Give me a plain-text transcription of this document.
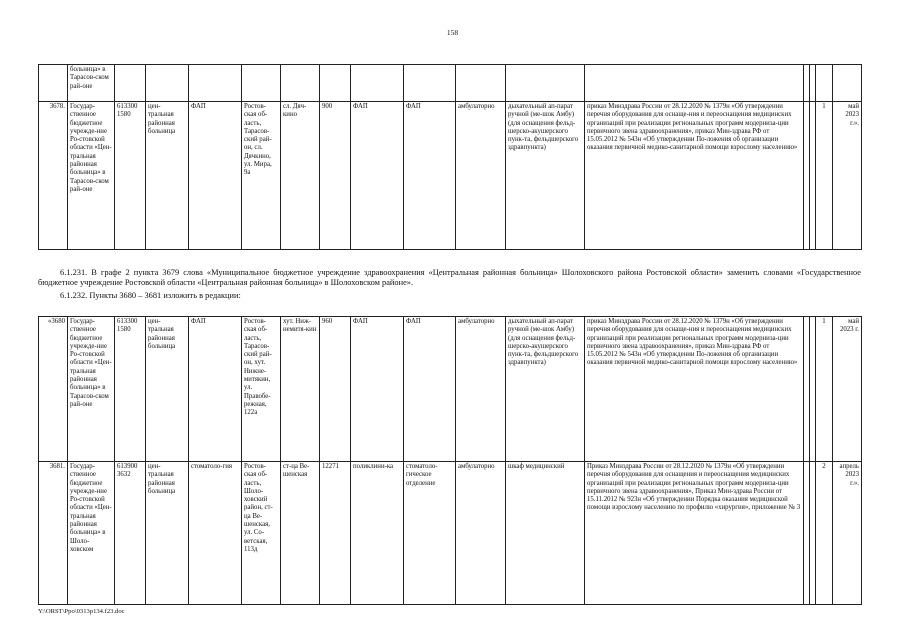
158
	больница» в Тарасов-ском рай-оне															
3678.	Государ-ственное бюджетное учрежде-ние Ро-стовской области «Цен-тральная районная больница» в Тарасов-ском рай-оне	613300 1580	цен-тральная районная больница	ФАП	Ростов-ская об-ласть, Тарасов-ский рай-он, сл. Дячкино, ул. Мира, 9а	сл. Дяч-кино	900	ФАП	ФАП	амбулаторно	дыхательный ап-парат ручной (ме-шок Амбу) (для оснащения фельд-шерско-акушерского пунк-та, фельдшерского здравпункта)	приказ Минздрава России от 28.12.2020 № 1379н «Об утверждении перечня оборудования для оснаще-ния и переоснащения медицинских организаций при реализации региональных программ модерниза-ции первичного звена здравоохранения», приказ Мин-здрава РФ от 15.05.2012 № 543н «Об утверждении По-ложения об организации оказания первичной медико-санитарной помощи взрослому населению»			1	май 2023 г.».
6.1.231. В графе 2 пункта 3679 слова «Муниципальное бюджетное учреждение здравоохранения «Центральная районная больница» Шолоховского района Ростовской области» заменить словами «Государственное бюджетное учреждение Ростовской области «Центральная районная больница» в Шолоховском районе».
6.1.232. Пункты 3680 – 3681 изложить в редакции:
«3680	Государ-ственное бюджетное учрежде-ние Ро-стовской области «Цен-тральная районная больница» в Тарасов-ском рай-оне	613300 1580	цен-тральная районная больница	ФАП	Ростов-ская об-ласть, Тарасов-ский рай-он, хут. Нижне-митякин, ул. Правобе-режная, 122а	хут. Ниж-немитя-кин	960	ФАП	ФАП	амбулаторно	дыхательный ап-парат ручной (ме-шок Амбу) (для оснащения фельд-шерско-акушерского пунк-та, фельдшерского здравпункта)	приказ Минздрава России от 28.12.2020 № 1379н «Об утверждении перечня оборудования для оснаще-ния и переоснащения медицинских организаций при реализации региональных программ модерниза-ции первичного звена здравоохранения», приказ Мин-здрава РФ от 15.05.2012 № 543н «Об утверждении По-ложения об организации оказания первичной медико-санитарной помощи взрослому населению»			1	май 2023 г.
3681.	Государ-ственное бюджетное учрежде-ние Ро-стовской области «Цен-тральная районная больница» в Шоло-ховском	613900 3632	цен-тральная районная больница	стоматоло-гия	Ростов-ская об-ласть, Шоло-ховский район, ст-ца Ве-шенская, ул. Со-ветская, 113д	ст-ца Ве-шенская	12271	поликлини-ка	стоматоло-гическое отделение	амбулаторно	шкаф медицинский	Приказ Минздрава России от 28.12.2020 № 1379н «Об утверждении перечня оборудования для оснащения и переоснащения медицинских организаций при реализации региональных программ модерниза-ции первичного звена здравоохранения», Приказ Мин-здрава России от 15.11.2012 № 923н «Об утверждении Порядка оказания медицинской помощи взрослому населению по профилю «хирургия», приложение № 3			2	апрель 2023 г.».
Y:\ORST\Ppo\0313p134.f23.doc
